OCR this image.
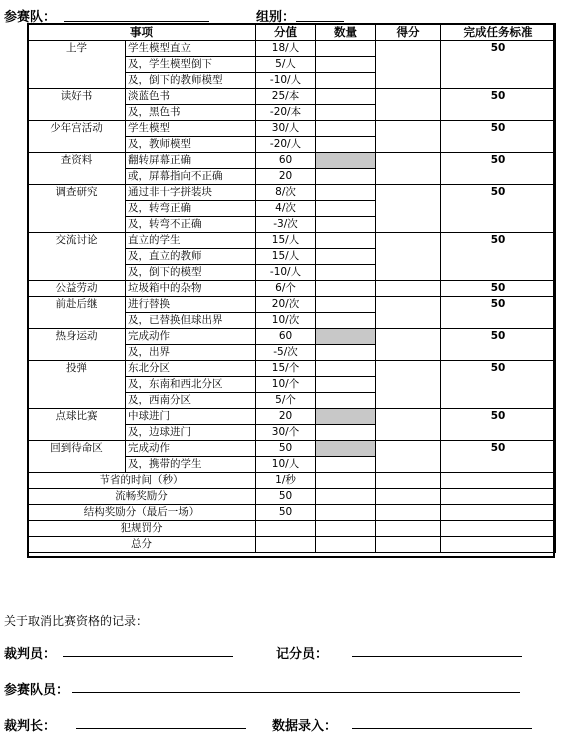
参赛队：	组别：
事项		分值	数量	得分	完成任务标准
上学	学生模型直立	18/人			50
	及，学生模型倒下	5/人			
	及，倒下的教师模型	-10/人			
读好书	淡蓝色书	25/本			50
	及，黑色书	-20/本			
少年宫活动	学生模型	30/人			50
	及，教师模型	-20/人			
查资料	翻转屏幕正确	60			50
	或，屏幕指向不正确	20			
调查研究	通过非十字拼装块	8/次			50
	及，转弯正确	4/次			
	及，转弯不正确	-3/次			
交流讨论	直立的学生	15/人			50
	及，直立的教师	15/人			
	及，倒下的模型	-10/人			
公益劳动	垃圾箱中的杂物	6/个			50
前赴后继	进行替换	20/次			50
	及，已替换但球出界	10/次			
热身运动	完成动作	60			50
	及，出界	-5/次			
投弹	东北分区	15/个			50
	及，东南和西北分区	10/个			
	及，西南分区	5/个			
点球比赛	中球进门	20			50
	及，边球进门	30/个			
回到待命区	完成动作	50			50
	及，携带的学生	10/人			
节省的时间（秒）		1/秒			
流畅奖励分		50			
结构奖励分（最后一场）		50			
犯规罚分					
总分					
关于取消比赛资格的记录：
裁判员：	记分员：
参赛队员：
裁判长：	数据录入：
